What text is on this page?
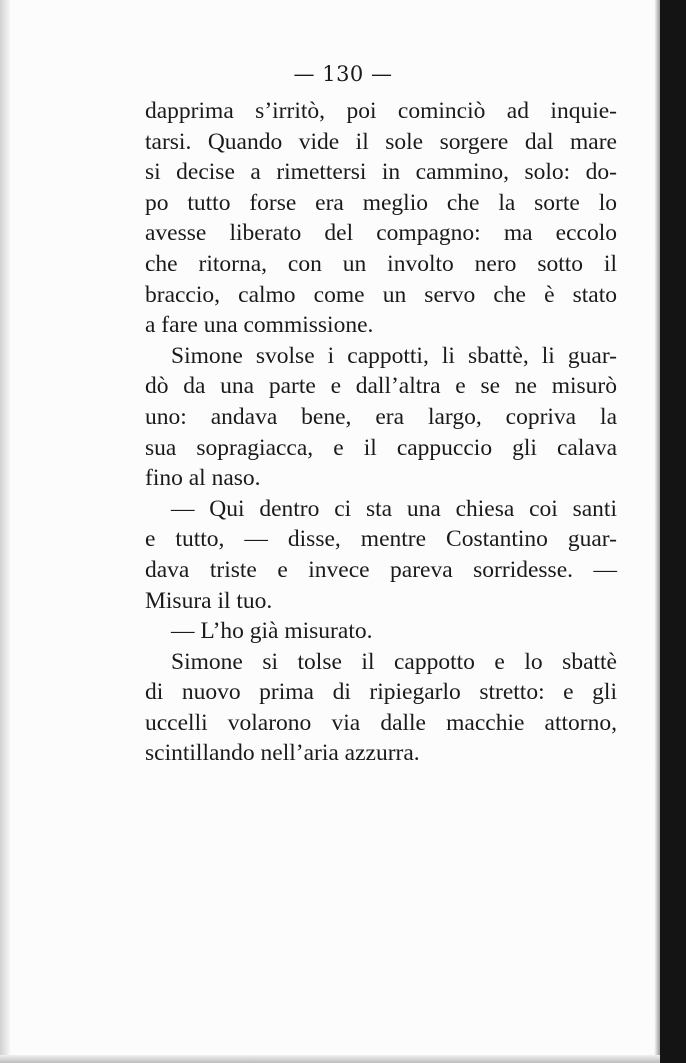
— 130 —
dapprima s’irritò, poi cominciò ad inquie-
tarsi. Quando vide il sole sorgere dal mare
si decise a rimettersi in cammino, solo: do-
po tutto forse era meglio che la sorte lo
avesse liberato del compagno: ma eccolo
che ritorna, con un involto nero sotto il
braccio, calmo come un servo che è stato
a fare una commissione.
Simone svolse i cappotti, li sbattè, li guar-
dò da una parte e dall’altra e se ne misurò
uno: andava bene, era largo, copriva la
sua sopragiacca, e il cappuccio gli calava
fino al naso.
— Qui dentro ci sta una chiesa coi santi
e tutto, — disse, mentre Costantino guar-
dava triste e invece pareva sorridesse. —
Misura il tuo.
— L’ho già misurato.
Simone si tolse il cappotto e lo sbattè
di nuovo prima di ripiegarlo stretto: e gli
uccelli volarono via dalle macchie attorno,
scintillando nell’aria azzurra.
